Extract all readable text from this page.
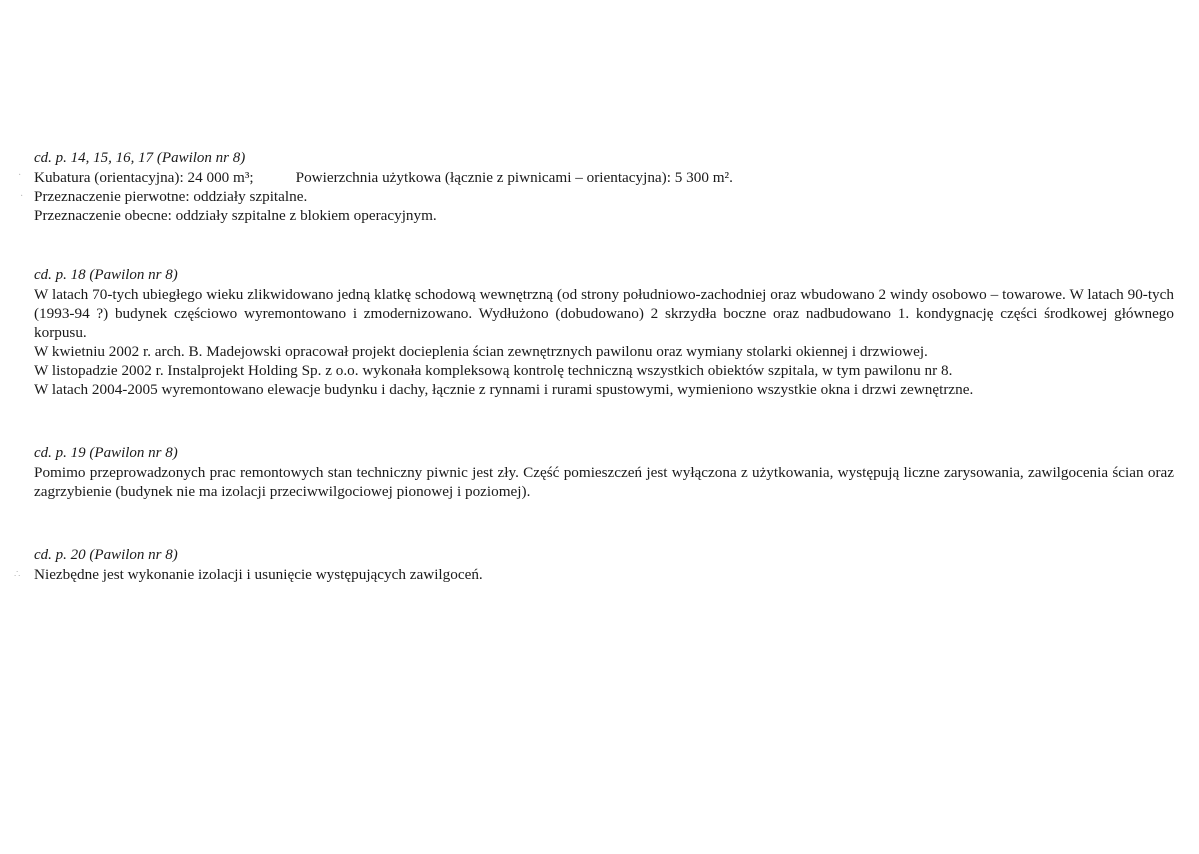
·
·
∴
cd. p. 14, 15, 16, 17 (Pawilon nr 8)
Kubatura (orientacyjna): 24 000 m³;	Powierzchnia użytkowa (łącznie z piwnicami – orientacyjna): 5 300 m².
Przeznaczenie pierwotne: oddziały szpitalne.
Przeznaczenie obecne: oddziały szpitalne z blokiem operacyjnym.
cd. p. 18 (Pawilon nr 8)

W latach 70-tych ubiegłego wieku zlikwidowano jedną klatkę schodową wewnętrzną (od strony południowo-zachodniej oraz wbudowano 2 windy osobowo – towarowe. W latach 90-tych (1993-94 ?) budynek częściowo wyremontowano i zmodernizowano. Wydłużono (dobudowano) 2 skrzydła boczne oraz nadbudowano 1. kondygnację części środkowej głównego korpusu.

W kwietniu 2002 r. arch. B. Madejowski opracował projekt docieplenia ścian zewnętrznych pawilonu oraz wymiany stolarki okiennej i drzwiowej.
W listopadzie 2002 r. Instalprojekt Holding Sp. z o.o. wykonała kompleksową kontrolę techniczną wszystkich obiektów szpitala, w tym pawilonu nr 8.
W latach 2004-2005 wyremontowano elewacje budynku i dachy, łącznie z rynnami i rurami spustowymi, wymieniono wszystkie okna i drzwi zewnętrzne.
cd. p. 19 (Pawilon nr 8)

Pomimo przeprowadzonych prac remontowych stan techniczny piwnic jest zły. Część pomieszczeń jest wyłączona z użytkowania, występują liczne zarysowania, zawilgocenia ścian oraz zagrzybienie (budynek nie ma izolacji przeciwwilgociowej pionowej i poziomej).

cd. p. 20 (Pawilon nr 8)
Niezbędne jest wykonanie izolacji i usunięcie występujących zawilgoceń.
